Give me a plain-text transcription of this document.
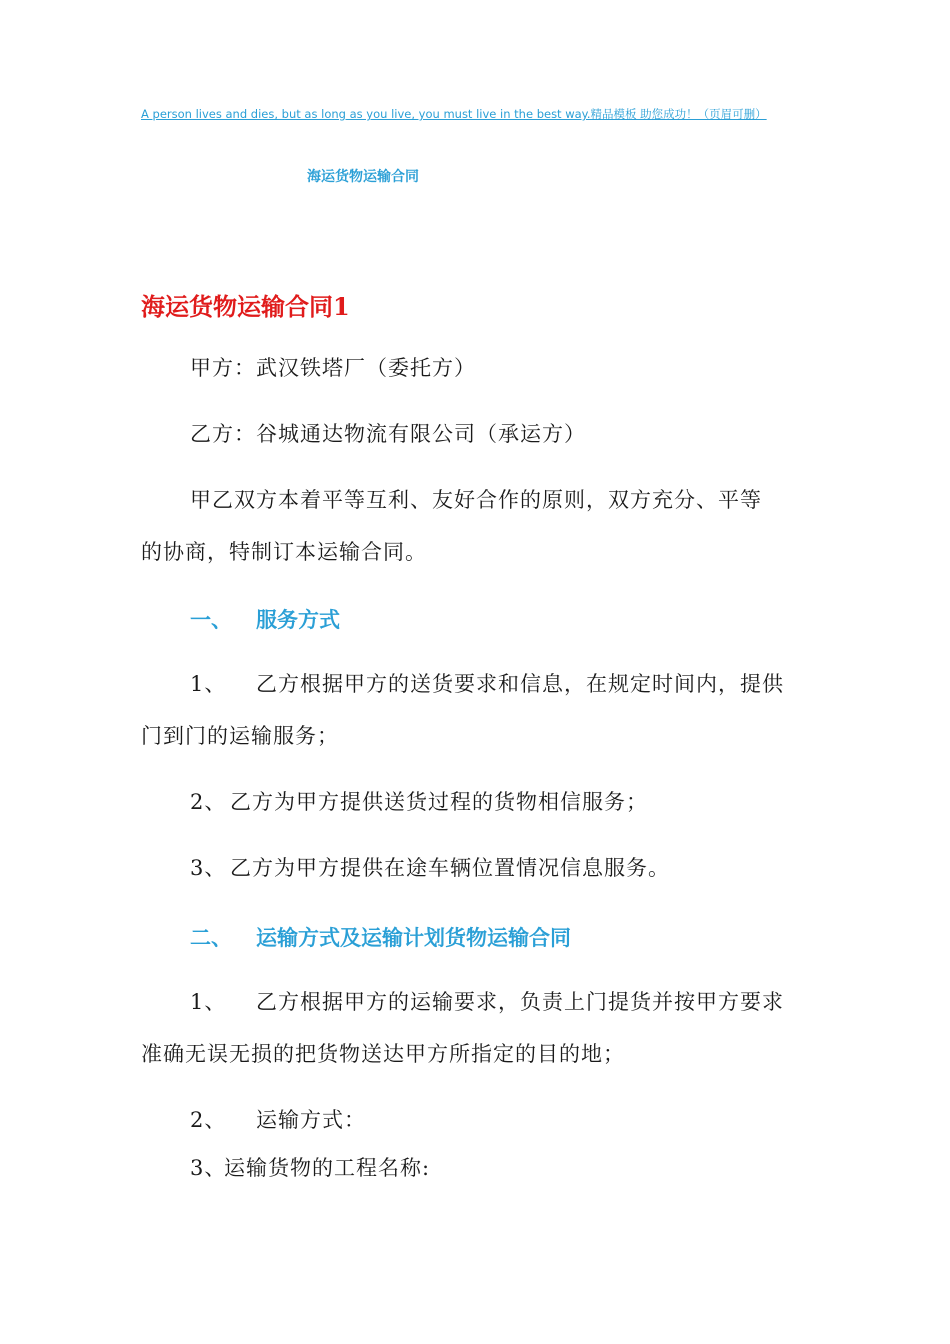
A person lives and dies, but as long as you live, you must live in the best way.精品模板 助您成功！（页眉可删）
海运货物运输合同
海运货物运输合同1
甲方：武汉铁塔厂（委托方）
乙方：谷城通达物流有限公司（承运方）
甲乙双方本着平等互利、友好合作的原则，双方充分、平等
的协商，特制订本运输合同。
一、 服务方式
1、 乙方根据甲方的送货要求和信息，在规定时间内，提供
门到门的运输服务；
2、 乙方为甲方提供送货过程的货物相信服务；
3、 乙方为甲方提供在途车辆位置情况信息服务。
二、 运输方式及运输计划货物运输合同
1、 乙方根据甲方的运输要求，负责上门提货并按甲方要求
准确无误无损的把货物送达甲方所指定的目的地；
2、 运输方式：
3、运输货物的工程名称:
